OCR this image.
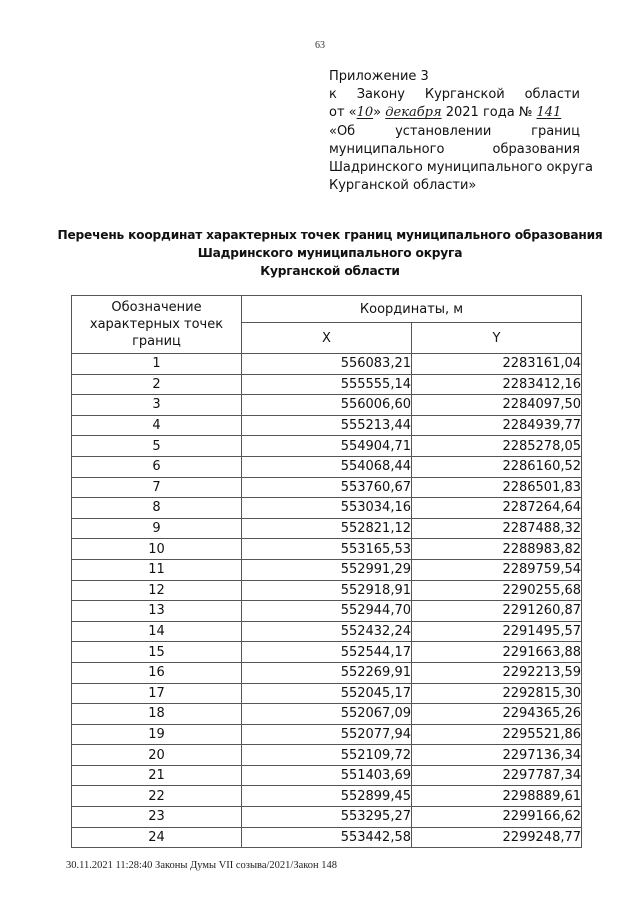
63
Приложение 3
к Закону Курганской области
от «10» декабря 2021 года № 141
«Об	установлении	границ
муниципального	образования
Шадринского муниципального округа
Курганской области»
Перечень координат характерных точек границ муниципального образования
Шадринского муниципального округа
Курганской области
Обозначение характерных точек границ	Координаты, м	
	X	Y
1	556083,21	2283161,04
2	555555,14	2283412,16
3	556006,60	2284097,50
4	555213,44	2284939,77
5	554904,71	2285278,05
6	554068,44	2286160,52
7	553760,67	2286501,83
8	553034,16	2287264,64
9	552821,12	2287488,32
10	553165,53	2288983,82
11	552991,29	2289759,54
12	552918,91	2290255,68
13	552944,70	2291260,87
14	552432,24	2291495,57
15	552544,17	2291663,88
16	552269,91	2292213,59
17	552045,17	2292815,30
18	552067,09	2294365,26
19	552077,94	2295521,86
20	552109,72	2297136,34
21	551403,69	2297787,34
22	552899,45	2298889,61
23	553295,27	2299166,62
24	553442,58	2299248,77
30.11.2021 11:28:40 Законы Думы VII созыва/2021/Закон 148
